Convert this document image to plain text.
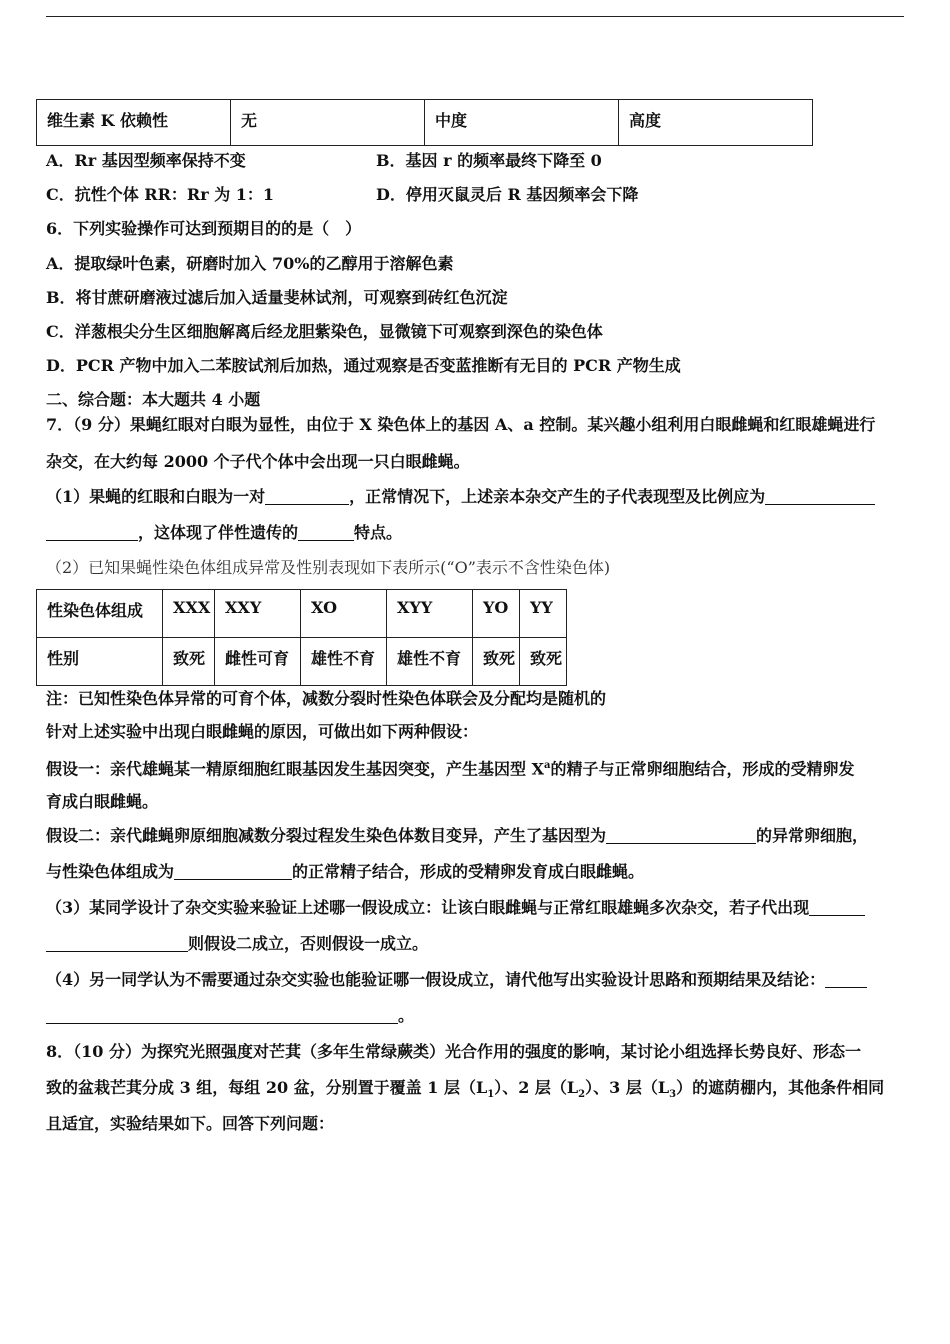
维生素 K 依赖性	无	中度	高度
A．Rr 基因型频率保持不变	B．基因 r 的频率最终下降至 0
C．抗性个体 RR：Rr 为 1：1	D．停用灭鼠灵后 R 基因频率会下降
6．下列实验操作可达到预期目的的是（　）
A．提取绿叶色素，研磨时加入 70%的乙醇用于溶解色素
B．将甘蔗研磨液过滤后加入适量斐林试剂，可观察到砖红色沉淀
C．洋葱根尖分生区细胞解离后经龙胆紫染色，显微镜下可观察到深色的染色体
D．PCR 产物中加入二苯胺试剂后加热，通过观察是否变蓝推断有无目的 PCR 产物生成
二、综合题：本大题共 4 小题
7．（9 分）果蝇红眼对白眼为显性，由位于 X 染色体上的基因 A、a 控制。某兴趣小组利用白眼雌蝇和红眼雄蝇进行
杂交，在大约每 2000 个子代个体中会出现一只白眼雌蝇。
（1）果蝇的红眼和白眼为一对	，正常情况下，上述亲本杂交产生的子代表现型及比例应为
，这体现了伴性遗传的	特点。
（2）已知果蝇性染色体组成异常及性别表现如下表所示(“O”表示不含性染色体)
性染色体组成	XXX	XXY	XO	XYY	YO	YY
性别	致死	雌性可育	雄性不育	雄性不育	致死	致死
注：已知性染色体异常的可育个体，减数分裂时性染色体联会及分配均是随机的
针对上述实验中出现白眼雌蝇的原因，可做出如下两种假设：
假设一：亲代雄蝇某一精原细胞红眼基因发生基因突变，产生基因型 $X^a$的精子与正常卵细胞结合，形成的受精卵发
育成白眼雌蝇。
假设二：亲代雌蝇卵原细胞减数分裂过程发生染色体数目变异，产生了基因型为	的异常卵细胞，
与性染色体组成为	的正常精子结合，形成的受精卵发育成白眼雌蝇。
（3）某同学设计了杂交实验来验证上述哪一假设成立：让该白眼雌蝇与正常红眼雄蝇多次杂交，若子代出现
则假设二成立，否则假设一成立。
（4）另一同学认为不需要通过杂交实验也能验证哪一假设成立，请代他写出实验设计思路和预期结果及结论：
。
8．（10 分）为探究光照强度对芒萁（多年生常绿蕨类）光合作用的强度的影响，某讨论小组选择长势良好、形态一
致的盆栽芒萁分成 3 组，每组 20 盆，分别置于覆盖 1 层$(L_1)$、2 层$(L_2)$、3 层$(L_3)$的遮荫棚内，其他条件相同
且适宜，实验结果如下。回答下列问题：
